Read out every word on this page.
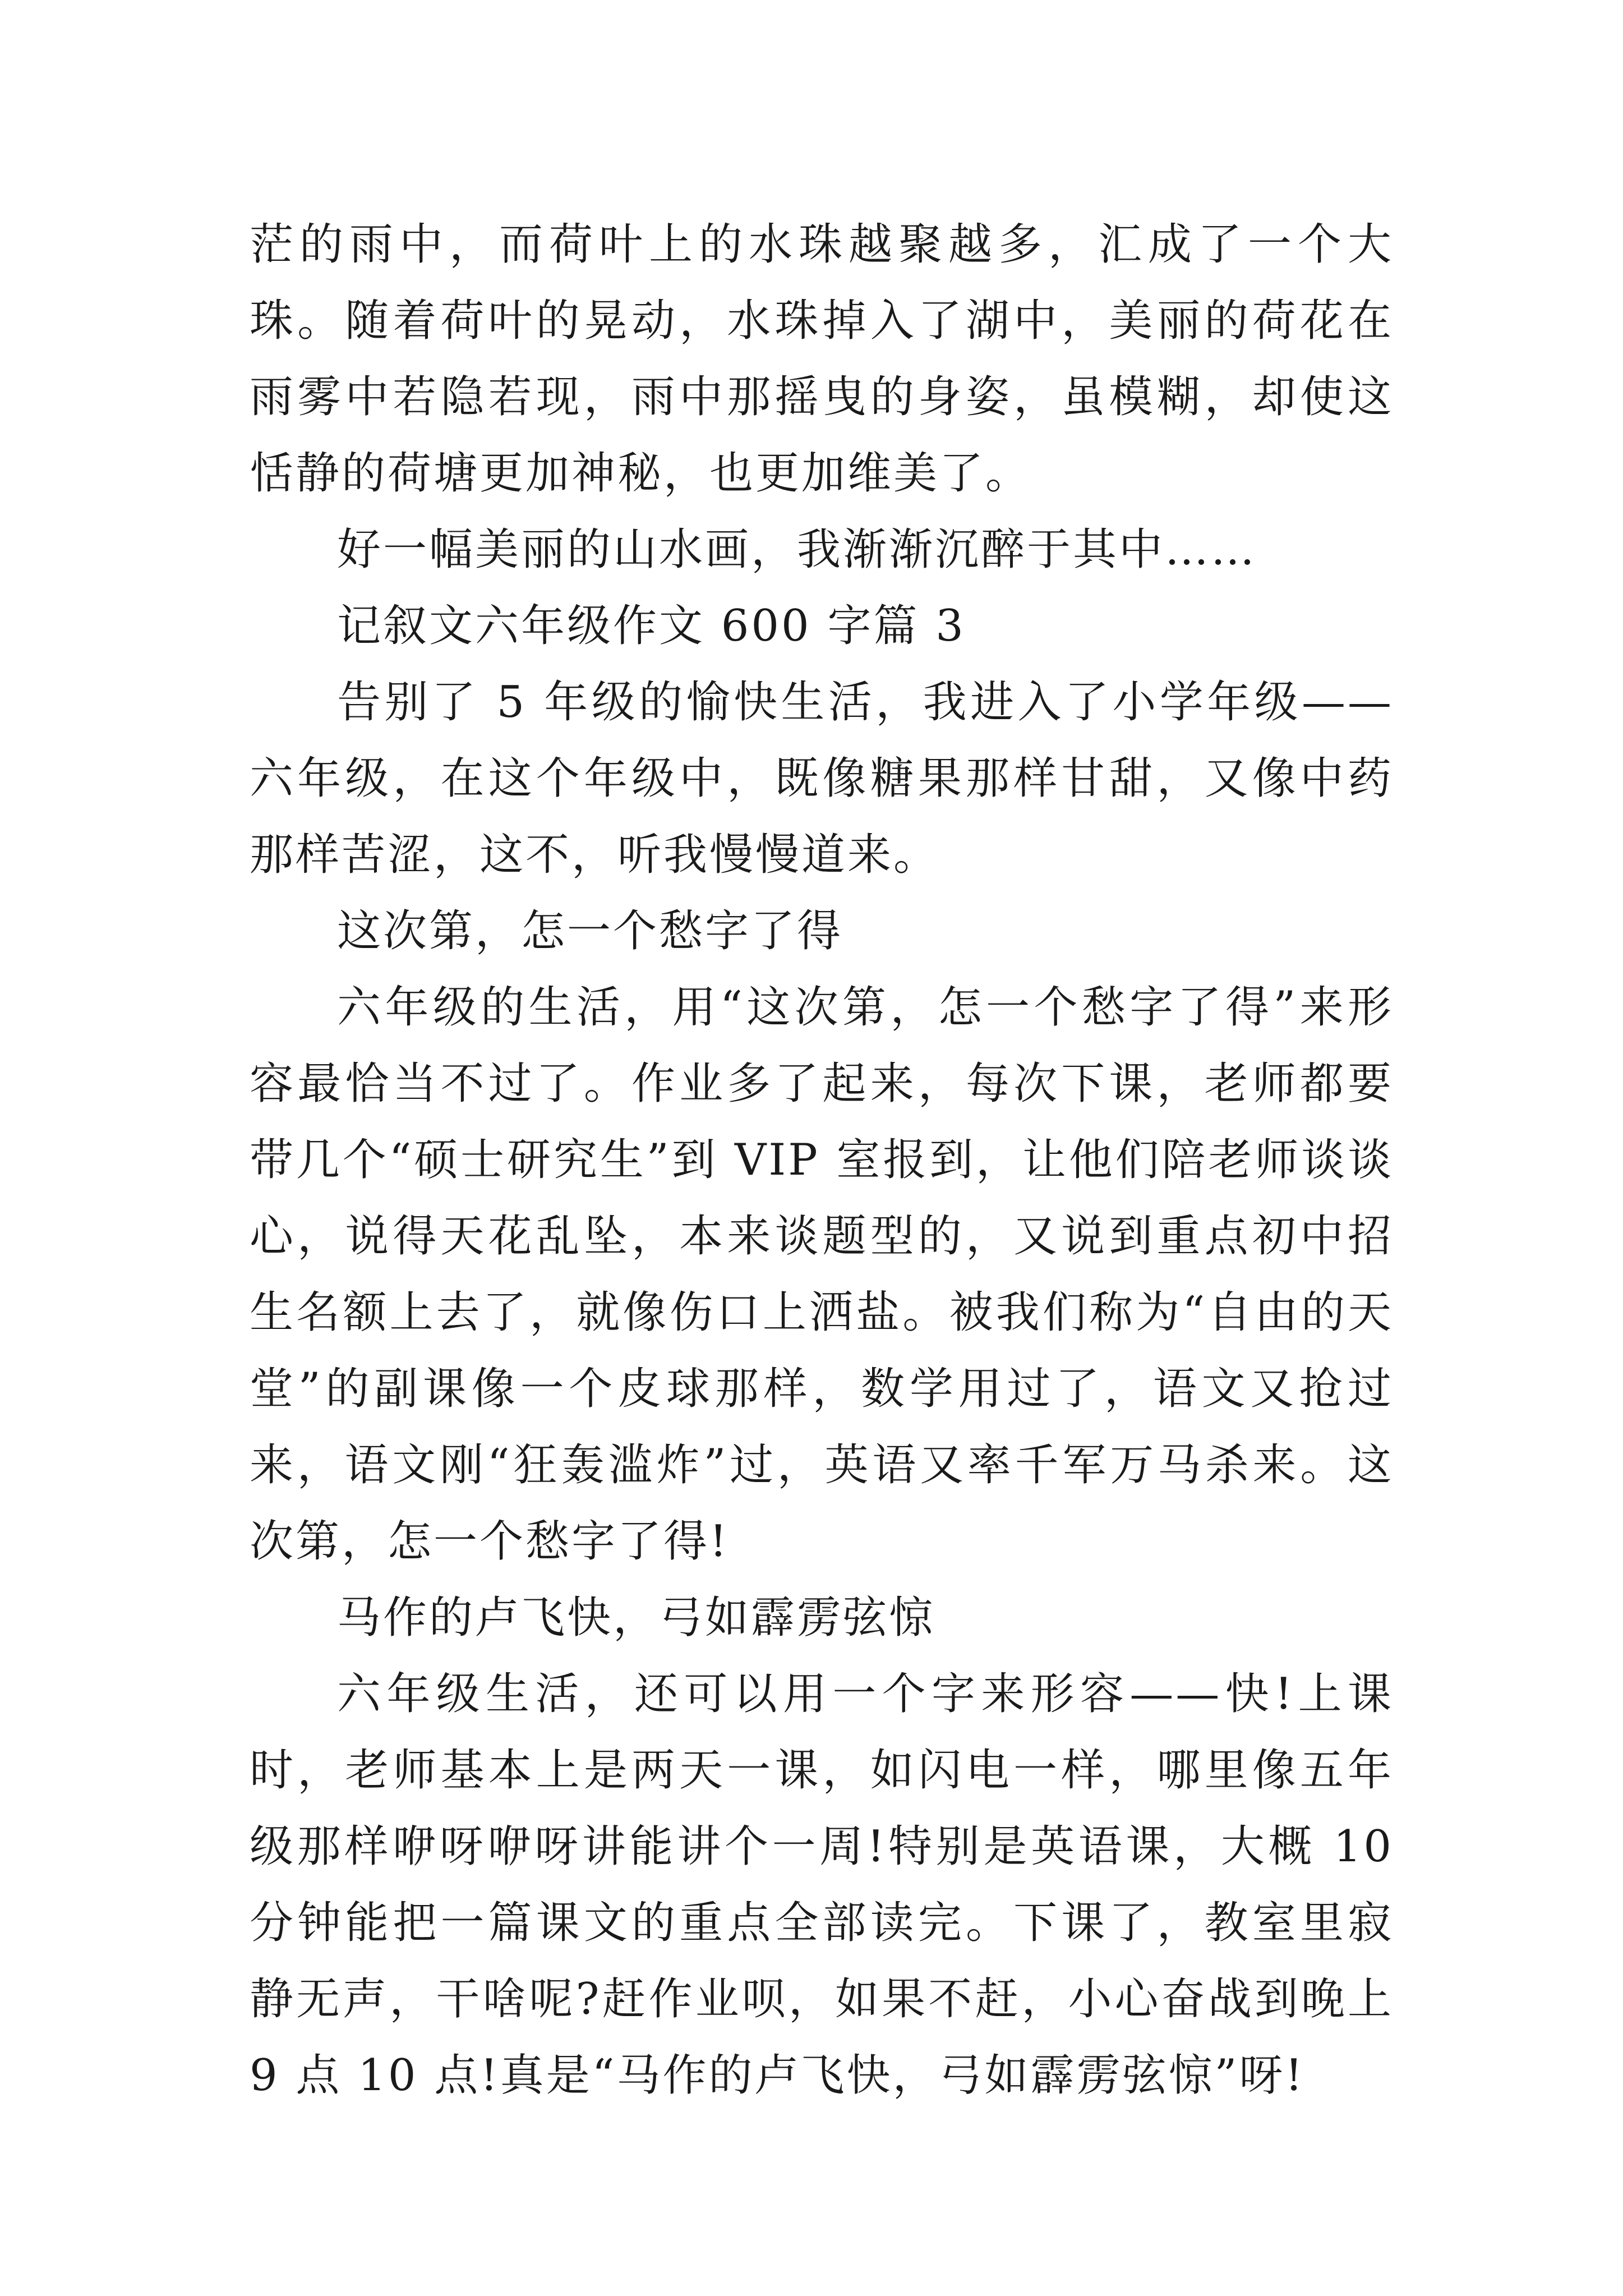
茫的雨中，而荷叶上的水珠越聚越多，汇成了一个大珠。随着荷叶的晃动，水珠掉入了湖中，美丽的荷花在雨雾中若隐若现，雨中那摇曳的身姿，虽模糊，却使这恬静的荷塘更加神秘，也更加维美了。

好一幅美丽的山水画，我渐渐沉醉于其中……

记叙文六年级作文 600 字篇 3

告别了 5 年级的愉快生活，我进入了小学年级——六年级，在这个年级中，既像糖果那样甘甜，又像中药那样苦涩，这不，听我慢慢道来。

这次第，怎一个愁字了得

六年级的生活，用“这次第，怎一个愁字了得”来形容最恰当不过了。作业多了起来，每次下课，老师都要带几个“硕士研究生”到 VIP 室报到，让他们陪老师谈谈心，说得天花乱坠，本来谈题型的，又说到重点初中招生名额上去了，就像伤口上洒盐。被我们称为“自由的天堂”的副课像一个皮球那样，数学用过了，语文又抢过来，语文刚“狂轰滥炸”过，英语又率千军万马杀来。这次第，怎一个愁字了得!

马作的卢飞快，弓如霹雳弦惊

六年级生活，还可以用一个字来形容——快!上课时，老师基本上是两天一课，如闪电一样，哪里像五年级那样咿呀咿呀讲能讲个一周!特别是英语课，大概 10 分钟能把一篇课文的重点全部读完。下课了，教室里寂静无声，干啥呢?赶作业呗，如果不赶，小心奋战到晚上 9 点 10 点!真是“马作的卢飞快，弓如霹雳弦惊”呀!
